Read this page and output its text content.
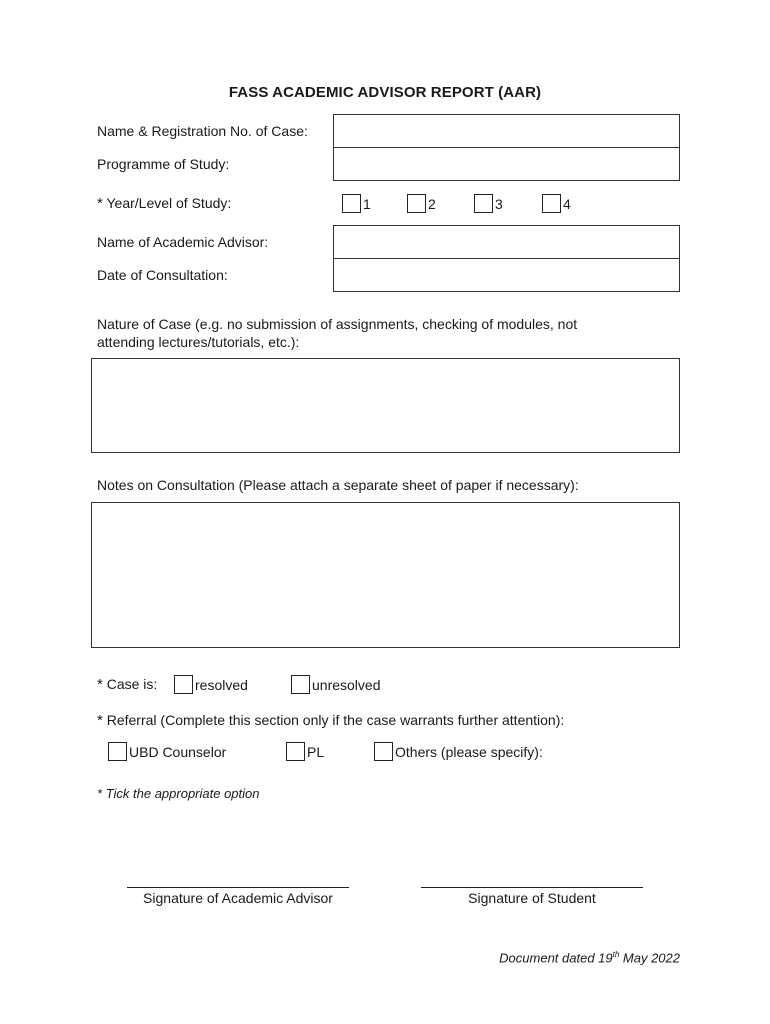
FASS ACADEMIC ADVISOR REPORT (AAR)
Name & Registration No. of Case:
Programme of Study:
* Year/Level of Study:	1	2	3	4
Name of Academic Advisor:
Date of Consultation:
Nature of Case (e.g. no submission of assignments, checking of modules, not
attending lectures/tutorials, etc.):
Notes on Consultation (Please attach a separate sheet of paper if necessary):
* Case is:	resolved	unresolved
* Referral (Complete this section only if the case warrants further attention):
UBD Counselor	PL	Others (please specify):
* Tick the appropriate option
Signature of Academic Advisor	Signature of Student
Document dated 19th May 2022
